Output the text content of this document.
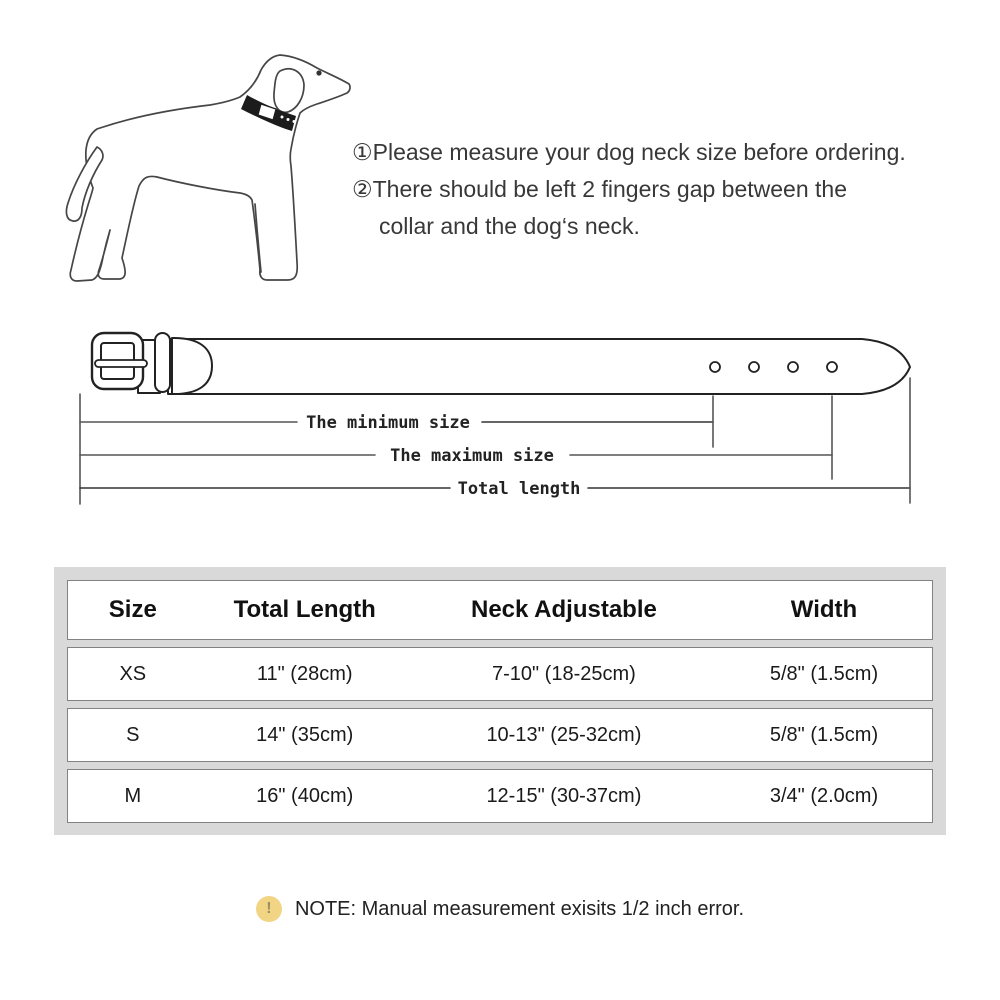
①Please measure your dog neck size before ordering.
②There should be left 2 fingers gap between the
collar and the dog‘s neck.
The minimum size
The maximum size
Total length
Size	Total Length	Neck Adjustable	Width
XS	11" (28cm)	7-10" (18-25cm)	5/8" (1.5cm)
S	14" (35cm)	10-13" (25-32cm)	5/8" (1.5cm)
M	16" (40cm)	12-15" (30-37cm)	3/4" (2.0cm)
!	NOTE: Manual measurement exisits 1/2 inch error.
